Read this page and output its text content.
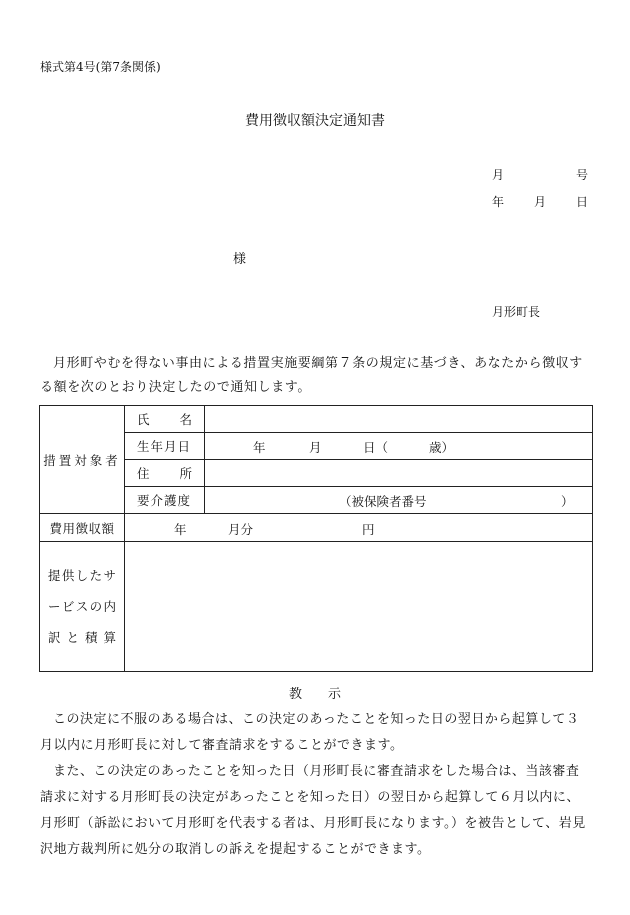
様式第4号(第7条関係)
費用徴収額決定通知書
月	号
年 月 日
様
月形町長
月形町やむを得ない事由による措置実施要綱第７条の規定に基づき、あなたから徴収する額を次のとおり決定したので通知します。
措置対象者	氏 名	

	生年月日	年 月 日（ 歳）

	住 所	

	要介護度	（被保険者番号 ）

費用徴収額	年 月分 円	

提供したサ
ービスの内
訳と積算		

教 示
この決定に不服のある場合は、この決定のあったことを知った日の翌日から起算して３月以内に月形町長に対して審査請求をすることができます。
また、この決定のあったことを知った日（月形町長に審査請求をした場合は、当該審査請求に対する月形町長の決定があったことを知った日）の翌日から起算して６月以内に、月形町（訴訟において月形町を代表する者は、月形町長になります。）を被告として、岩見沢地方裁判所に処分の取消しの訴えを提起することができます。
